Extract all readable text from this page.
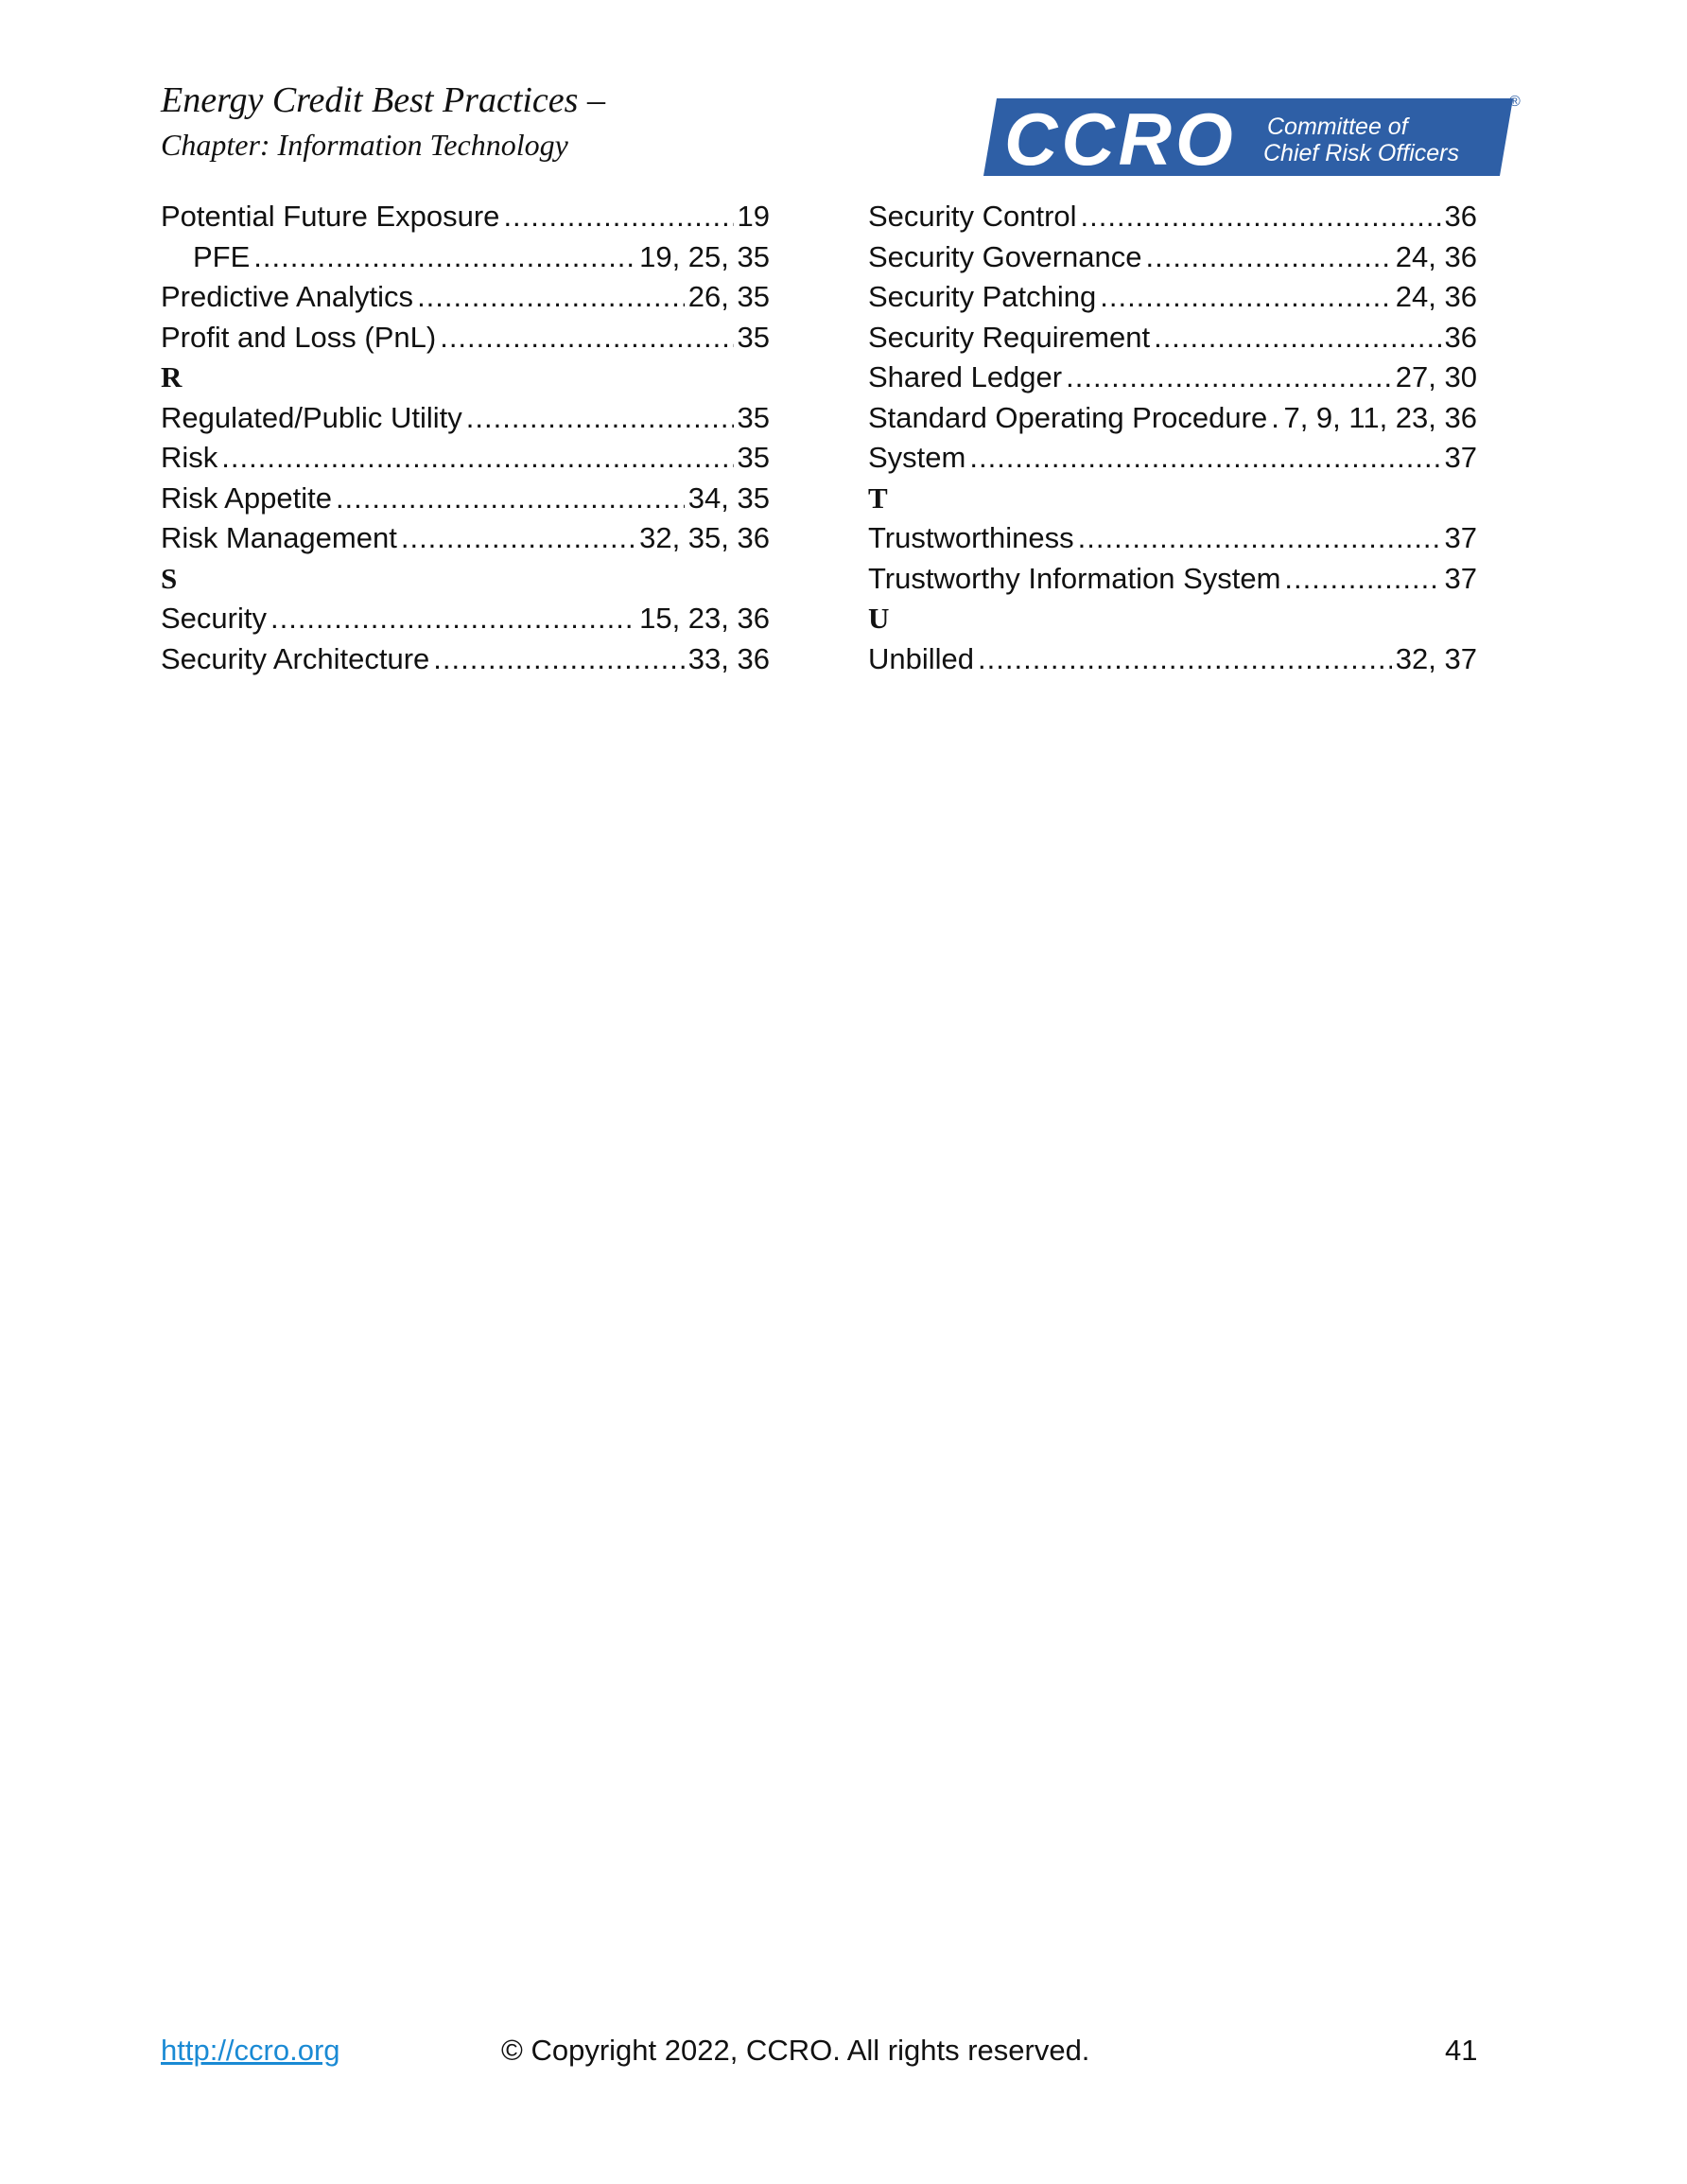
Energy Credit Best Practices –
Chapter: Information Technology	CCRO Committee of
Chief Risk Officers
®
Potential Future Exposure .....	19
PFE .....	19, 25, 35
Predictive Analytics .....	26, 35
Profit and Loss (PnL) .....	35
R
Regulated/Public Utility .....	35
Risk .....	35
Risk Appetite .....	34, 35
Risk Management .....	32, 35, 36
S
Security .....	15, 23, 36
Security Architecture .....	33, 36
Security Control .....	36
Security Governance .....	24, 36
Security Patching .....	24, 36
Security Requirement .....	36
Shared Ledger .....	27, 30
Standard Operating Procedure ..... 7, 9, 11, 23, 36
System .....	37
T
Trustworthiness .....	37
Trustworthy Information System .....	37
U
Unbilled .....	32, 37
http://ccro.org	© Copyright 2022, CCRO. All rights reserved.	41
